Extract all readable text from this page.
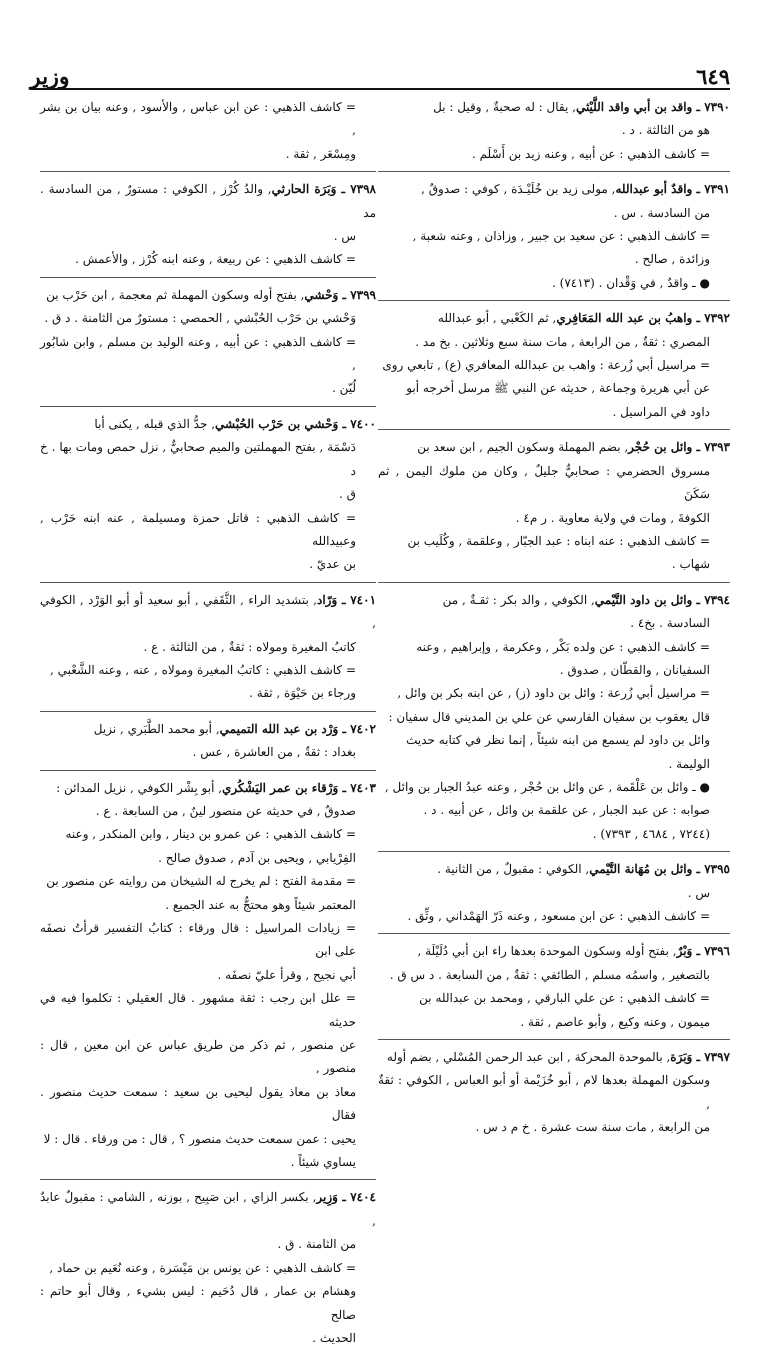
٦٤٩
وزير
٧٣٩٠ ـ واقد بن أبي واقد اللَّيْثي, يقال : له صحبةٌ , وقيل : بل
هو من الثالثة . د .
= كاشف الذهبي : عن أبيه , وعنه زيد بن أَسْلَم .
٧٣٩١ ـ واقدٌ أبو عبدالله, مولى زيد بن خُلَيْـدَة , كوفي : صدوقٌ ,
من السادسة . س .
= كاشف الذهبي : عن سعيد بن جبير , وزاذان , وعنه شعبة ,
وزائدة , صالح .
● ـ واقدٌ , في وَقْدان . (٧٤١٣) .
٧٣٩٢ ـ واهبُ بن عبد الله المَعَافِري, ثم الكَعْبي , أبو عبدالله
المصري : ثقةٌ , من الرابعة , مات سنة سبع وثلاثين . بخ مد .
= مراسيل أبي زُرعة : واهب بن عبدالله المعافري (ع) , تابعي روى
عن أبي هريرة وجماعة , حديثه عن النبي ﷺ مرسل أخرجه أبو
داود في المراسيل .
٧٣٩٣ ـ وائل بن حُجْر, بضم المهملة وسكون الجيم , ابن سعد بن
مسروق الحضرمي : صحابيٌّ جليلٌ , وكان من ملوك اليمن , ثم سَكَنَ
الكوفةَ , ومات في ولاية معاوية . ر م٤ .
= كاشف الذهبي : عنه ابناه : عبد الجبّار , وعلقمة , وكُلَيب بن
شهاب .
٧٣٩٤ ـ وائل بن داود التَّيْمي, الكوفي , والد بكر : ثقـةٌ , من
السادسة . بخ٤ .
= كاشف الذهبي : عن ولده بَكْر , وعكرمة , وإبراهيم , وعنه
السفيانان , والقطّان , صدوق .
= مراسيل أبي زُرعة : وائل بن داود (ز) , عن ابنه بكر بن وائل ,
قال يعقوب بن سفيان الفارسي عن علي بن المديني قال سفيان :
وائل بن داود لم يسمع من ابنه شيئاً , إنما نظر في كتابه حديث
الوليمة .
● ـ وائل بن عَلْقَمة , عن وائل بن حُجْر , وعنه عبدُ الجبار بن وائل ,
صوابه : عن عبد الجبار , عن علقمة بن وائل , عن أبيه . د .
(٧٢٤٤ , ٤٦٨٤ , ٧٣٩٣) .
٧٣٩٥ ـ وائل بن مُهَانة التَّيْمي, الكوفي : مقبولٌ , من الثانية .
س .
= كاشف الذهبي : عن ابن مسعود , وعنه ذَرّ الهَمْداني , وثِّق .
٧٣٩٦ ـ وَبْرٌ, بفتح أوله وسكون الموحدة بعدها راء ابن أبي دُلَيْلَة ,
بالتصغير , واسمُه مسلم , الطائفي : ثقةٌ , من السابعة . د س ق .
= كاشف الذهبي : عن علي البارقي , ومحمد بن عبدالله بن
ميمون , وعنه وكيع , وأبو عاصم , ثقة .
٧٣٩٧ ـ وَبَرَة, بالموحدة المحركة , ابن عبد الرحمن المُسْلي , بضم أوله
وسكون المهملة بعدها لام , أبو خُزَيْمة أو أبو العباس , الكوفي : ثقةٌ ,
من الرابعة , مات سنة ست عشرة . خ م د س .
= كاشف الذهبي : عن ابن عباس , والأسود , وعنه بيان بن بشر ,
ومِسْعَر , ثقة .
٧٣٩٨ ـ وَبَرَة الحارثي, والدُ كُرْز , الكوفي : مستورٌ , من السادسة . مد
س .
= كاشف الذهبي : عن ربيعة , وعنه ابنه كُرْز , والأعمش .
٧٣٩٩ ـ وَحْشي, بفتح أوله وسكون المهملة ثم معجمة , ابن حَرْب بن
وَحْشي بن حَرْب الحُبْشي , الحمصي : مستورٌ من الثامنة . د ق .
= كاشف الذهبي : عن أبيه , وعنه الوليد بن مسلم , وابن شابُور ,
لُيّن .
٧٤٠٠ ـ وَحْشي بن حَرْب الحُبْشي, جدُّ الذي قبله , يكنى أبا
دَسْمَة , بفتح المهملتين والميم صحابيٌّ , نزل حمص ومات بها . خ د
ق .
= كاشف الذهبي : قاتل حمزة ومسيلمة , عنه ابنه حَرْب , وعبيدالله
بن عديّ .
٧٤٠١ ـ وَرّاد, بتشديد الراء , الثَّقَفي , أبو سعيد أو أبو الوَرْد , الكوفي ,
كاتبُ المغيرة ومولاه : ثقةٌ , من الثالثة . ع .
= كاشف الذهبي : كاتبُ المغيرة ومولاه , عنه , وعنه الشَّعْبي ,
ورجاء بن حَيْوَة , ثقة .
٧٤٠٢ ـ وَرْد بن عبد الله التميمي, أبو محمد الطَّبَري , نزيل
بغداد : ثقةٌ , من العاشرة , عس .
٧٤٠٣ ـ وَرْقاء بن عمر اليَشْكُري, أبو بِشْر الكوفي , نزيل المدائن :
صدوقٌ , في حديثه عن منصور لينٌ , من السابعة . ع .
= كاشف الذهبي : عن عمرو بن دينار , وابن المنكدر , وعنه
الفِرْيابي , ويحيى بن آدم , صدوق صالح .
= مقدمة الفتح : لم يخرج له الشيخان من روايته عن منصور بن
المعتمر شيئاً وهو محتجٌّ به عند الجميع .
= زيادات المراسيل : قال ورقاء : كتابُ التفسير قرأتُ نصفَه على ابن
أبي نجيح , وقرأ عليّ نصفَه .
= علل ابن رجب : ثقة مشهور . قال العقيلي : تكلموا فيه في حديثه
عن منصور , ثم ذكر من طريق عباس عن ابن معين , قال : منصور ,
معاذ بن معاذ يقول ليحيى بن سعيد : سمعت حديث منصور . فقال
يحيى : عمن سمعت حديث منصور ؟ , قال : من ورقاء . قال : لا
يساوي شيئاً .
٧٤٠٤ ـ وَزِير, بكسر الزاي , ابن صَبِيح , بوزنه , الشامي : مقبولٌ عابدٌ ,
من الثامنة . ق .
= كاشف الذهبي : عن يونس بن مَيْسَرة , وعنه نُعَيم بن حماد ,
وهشام بن عمار , قال دُحَيم : ليس بشيء , وقال أبو حاتم : صالح
الحديث .
